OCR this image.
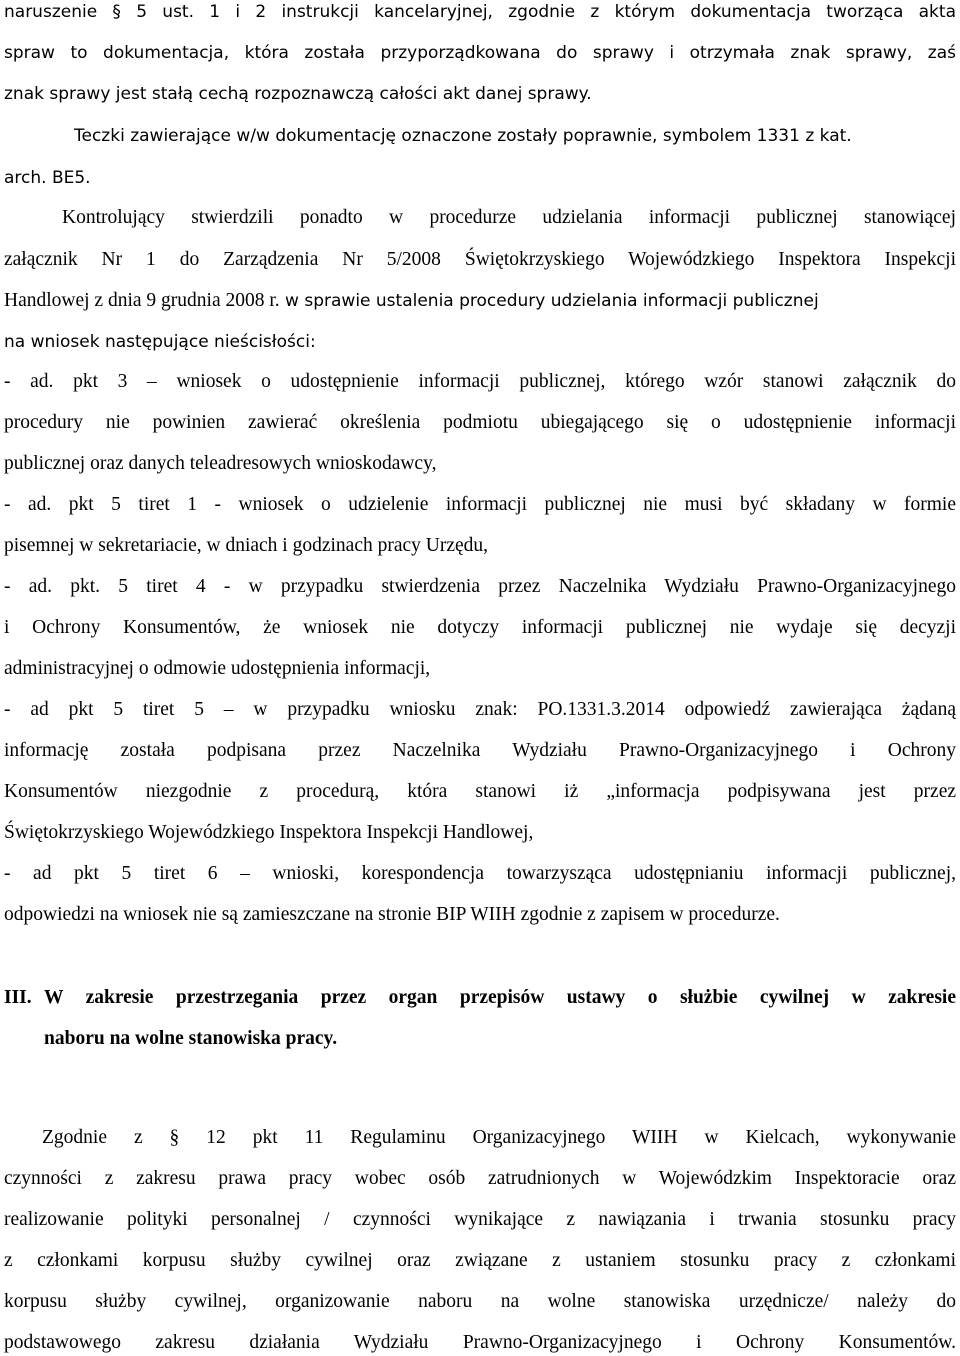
naruszenie § 5 ust. 1 i 2 instrukcji kancelaryjnej, zgodnie z którym dokumentacja tworząca akta
spraw to dokumentacja, która została przyporządkowana do sprawy i otrzymała znak sprawy, zaś
znak sprawy jest stałą cechą rozpoznawczą całości akt danej sprawy.
Teczki zawierające w/w dokumentację oznaczone zostały poprawnie, symbolem 1331 z kat.
arch. BE5.
Kontrolujący stwierdzili ponadto w procedurze udzielania informacji publicznej stanowiącej
załącznik Nr 1 do Zarządzenia Nr 5/2008 Świętokrzyskiego Wojewódzkiego Inspektora Inspekcji
Handlowej z dnia 9 grudnia 2008 r. w sprawie ustalenia procedury udzielania informacji publicznej
na wniosek następujące nieścisłości:
- ad. pkt 3 – wniosek o udostępnienie informacji publicznej, którego wzór stanowi załącznik do
procedury nie powinien zawierać określenia podmiotu ubiegającego się o udostępnienie informacji
publicznej oraz danych teleadresowych wnioskodawcy,
- ad. pkt 5 tiret 1 - wniosek o udzielenie informacji publicznej nie musi być składany w formie
pisemnej w sekretariacie, w dniach i godzinach pracy Urzędu,
- ad. pkt. 5 tiret 4 - w przypadku stwierdzenia przez Naczelnika Wydziału Prawno-Organizacyjnego
i Ochrony Konsumentów, że wniosek nie dotyczy informacji publicznej nie wydaje się decyzji
administracyjnej o odmowie udostępnienia informacji,
- ad pkt 5 tiret 5 – w przypadku wniosku znak: PO.1331.3.2014 odpowiedź zawierająca żądaną
informację została podpisana przez Naczelnika Wydziału Prawno-Organizacyjnego i Ochrony
Konsumentów niezgodnie z procedurą, która stanowi iż „informacja podpisywana jest przez
Świętokrzyskiego Wojewódzkiego Inspektora Inspekcji Handlowej,
- ad pkt 5 tiret 6 – wnioski, korespondencja towarzysząca udostępnianiu informacji publicznej,
odpowiedzi na wniosek nie są zamieszczane na stronie BIP WIIH zgodnie z zapisem w procedurze.
III. W zakresie przestrzegania przez organ przepisów ustawy o służbie cywilnej w zakresie
naboru na wolne stanowiska pracy.
Zgodnie z § 12 pkt 11 Regulaminu Organizacyjnego WIIH w Kielcach, wykonywanie
czynności z zakresu prawa pracy wobec osób zatrudnionych w Wojewódzkim Inspektoracie oraz
realizowanie polityki personalnej / czynności wynikające z nawiązania i trwania stosunku pracy
z członkami korpusu służby cywilnej oraz związane z ustaniem stosunku pracy z członkami
korpusu służby cywilnej, organizowanie naboru na wolne stanowiska urzędnicze/ należy do
podstawowego zakresu działania Wydziału Prawno-Organizacyjnego i Ochrony Konsumentów.
